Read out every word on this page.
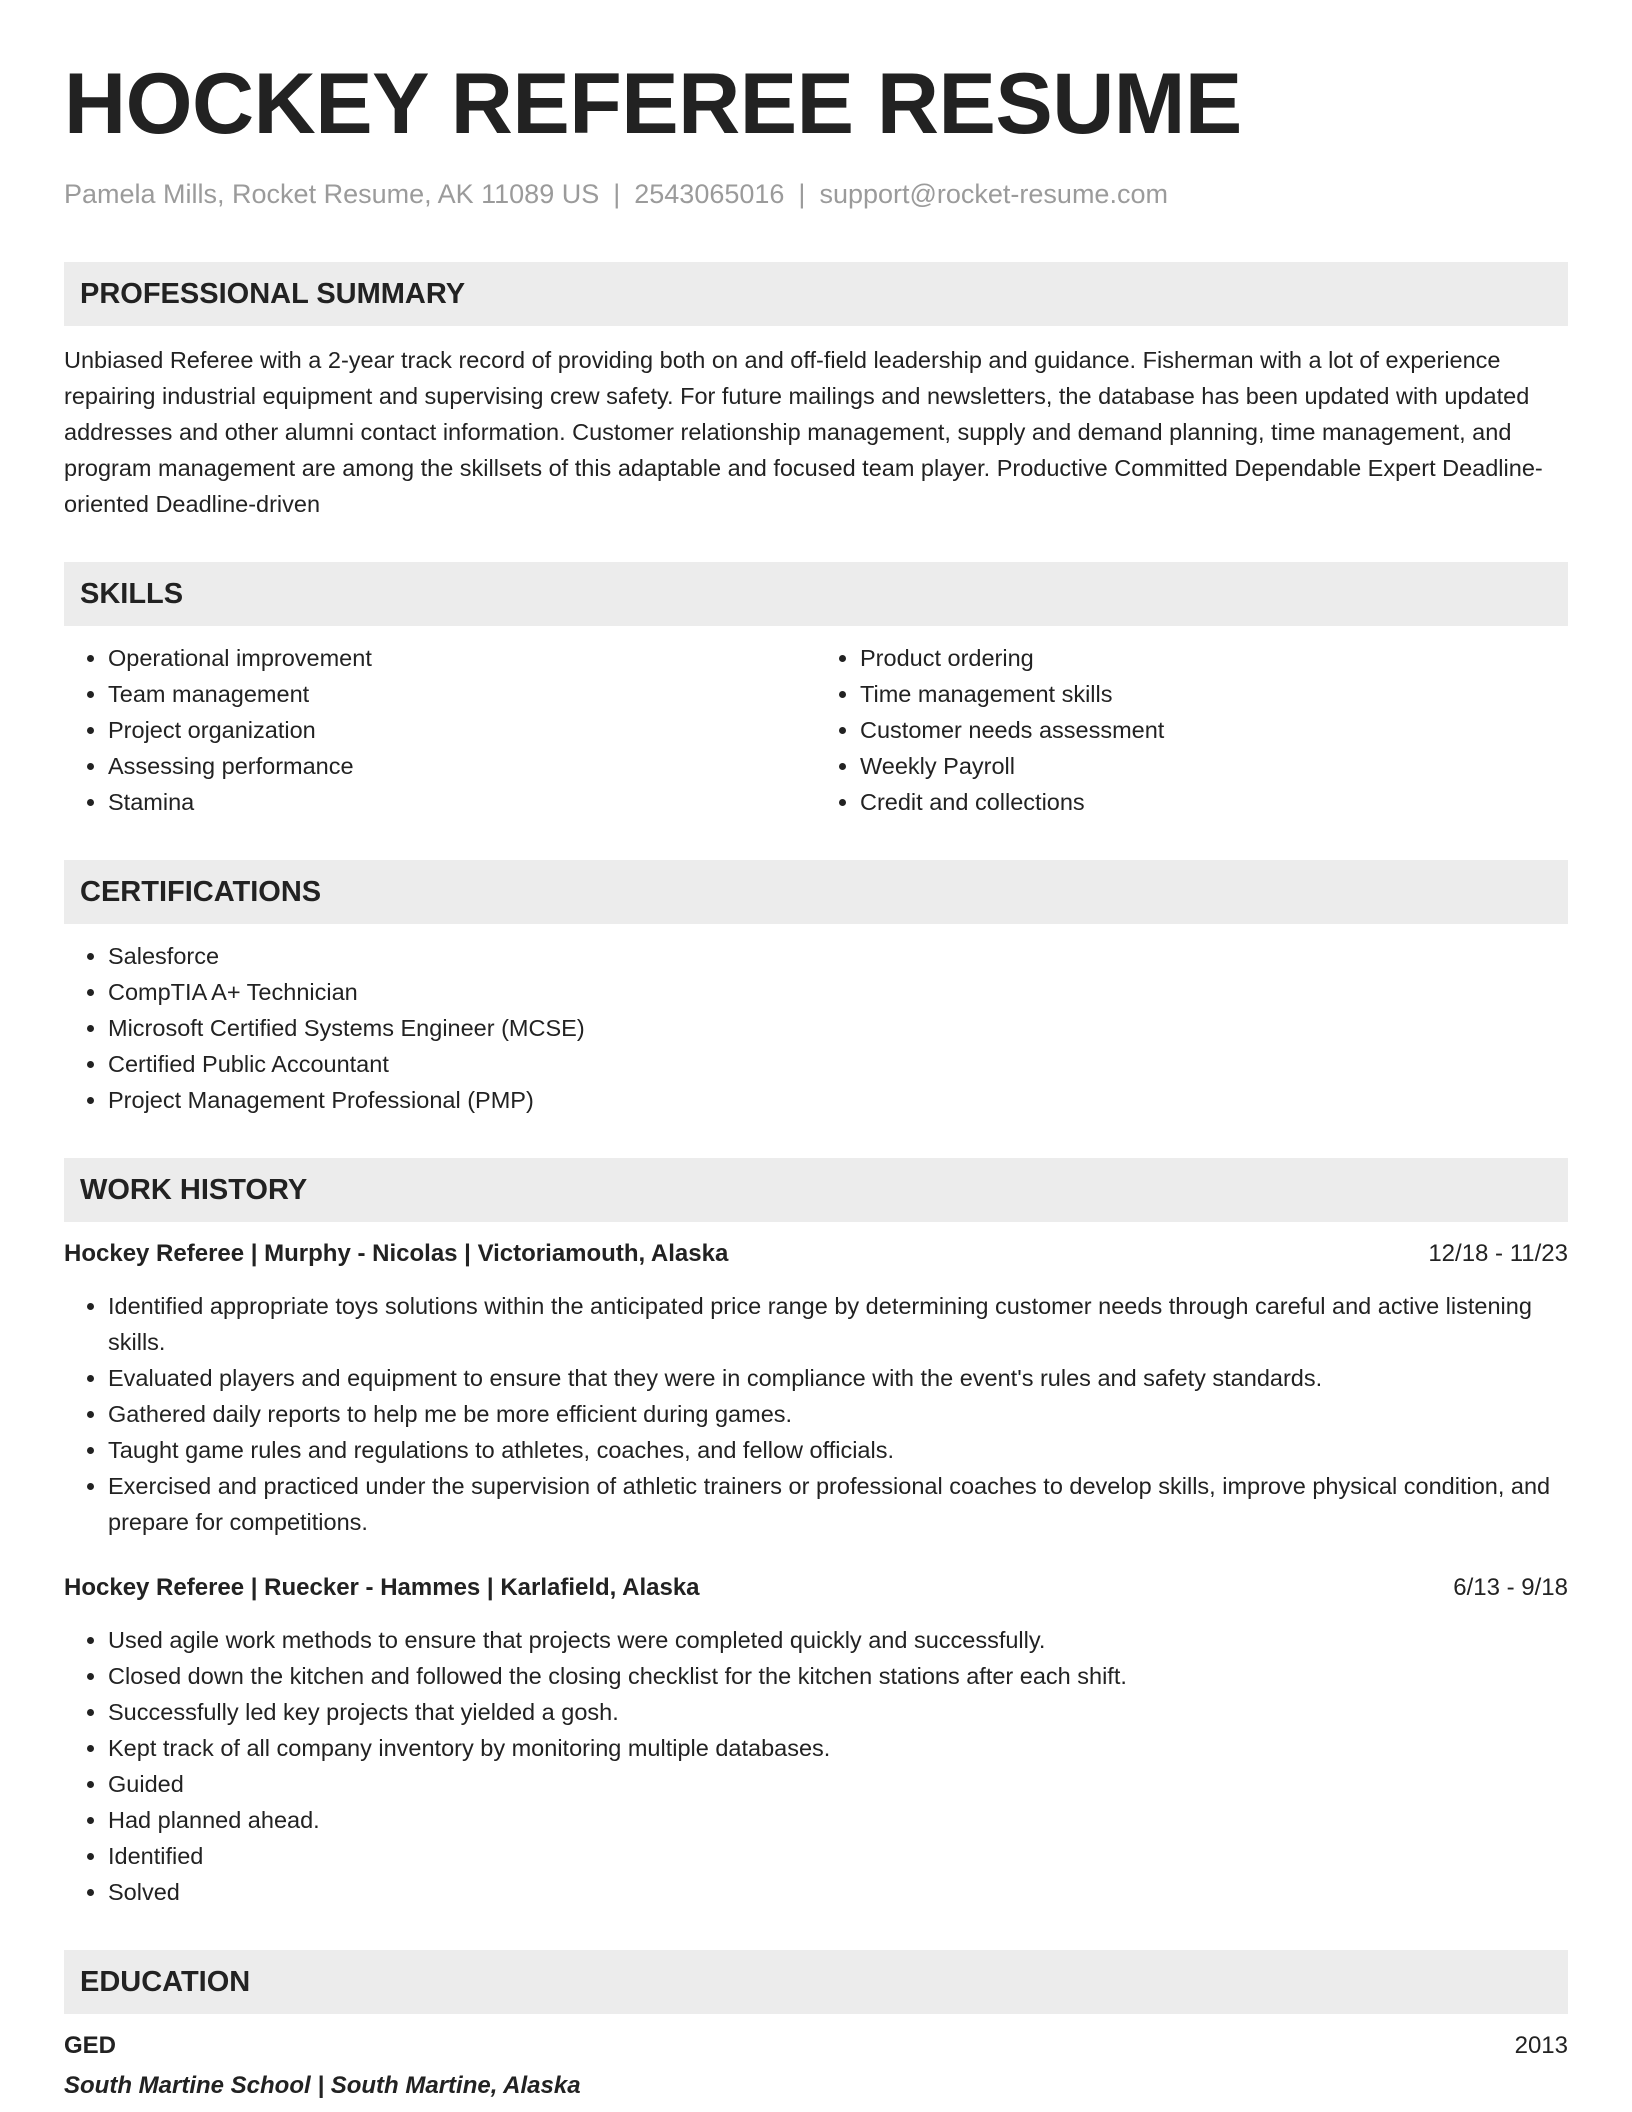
HOCKEY REFEREE RESUME
Pamela Mills, Rocket Resume, AK 11089 US | 2543065016 | support@rocket-resume.com
PROFESSIONAL SUMMARY
Unbiased Referee with a 2-year track record of providing both on and off-field leadership and guidance. Fisherman with a lot of experience repairing industrial equipment and supervising crew safety. For future mailings and newsletters, the database has been updated with updated addresses and other alumni contact information. Customer relationship management, supply and demand planning, time management, and program management are among the skillsets of this adaptable and focused team player. Productive Committed Dependable Expert Deadline-oriented Deadline-driven
SKILLS
• Operational improvement
• Team management
• Project organization
• Assessing performance
• Stamina
• Product ordering
• Time management skills
• Customer needs assessment
• Weekly Payroll
• Credit and collections
CERTIFICATIONS
• Salesforce
• CompTIA A+ Technician
• Microsoft Certified Systems Engineer (MCSE)
• Certified Public Accountant
• Project Management Professional (PMP)
WORK HISTORY
Hockey Referee | Murphy - Nicolas | Victoriamouth, Alaska	12/18 - 11/23
• Identified appropriate toys solutions within the anticipated price range by determining customer needs through careful and active listening skills.
• Evaluated players and equipment to ensure that they were in compliance with the event's rules and safety standards.
• Gathered daily reports to help me be more efficient during games.
• Taught game rules and regulations to athletes, coaches, and fellow officials.
• Exercised and practiced under the supervision of athletic trainers or professional coaches to develop skills, improve physical condition, and prepare for competitions.
Hockey Referee | Ruecker - Hammes | Karlafield, Alaska	6/13 - 9/18
• Used agile work methods to ensure that projects were completed quickly and successfully.
• Closed down the kitchen and followed the closing checklist for the kitchen stations after each shift.
• Successfully led key projects that yielded a gosh.
• Kept track of all company inventory by monitoring multiple databases.
• Guided
• Had planned ahead.
• Identified
• Solved
EDUCATION
GED	2013
South Martine School | South Martine, Alaska
